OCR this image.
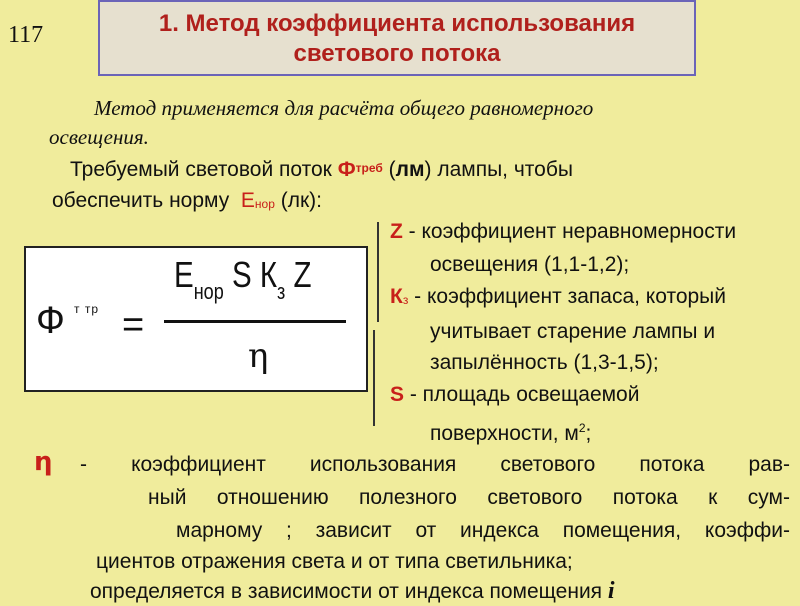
117	1. Метод коэффициента использования
светового потока
Метод применяется для расчёта общего равномерного
освещения.
Требуемый световой поток $Ф^{треб}$ (лм) лампы, чтобы
обеспечить норму Енор (лк):
Ф т тр =
$Е_{нор}$ S $К_з$ Z
η
Z - коэффициент неравномерности
освещения (1,1-1,2);
Кз - коэффициент запаса, который
учитывает старение лампы и
запылённость (1,3-1,5);
S - площадь освещаемой
поверхности, $м^2$;
η	- коэффициент использования светового потока рав-
ный отношению полезного светового потока к сум-
марному ; зависит от индекса помещения, коэффи-
циентов отражения света и от типа светильника;
определяется в зависимости от индекса помещения i
